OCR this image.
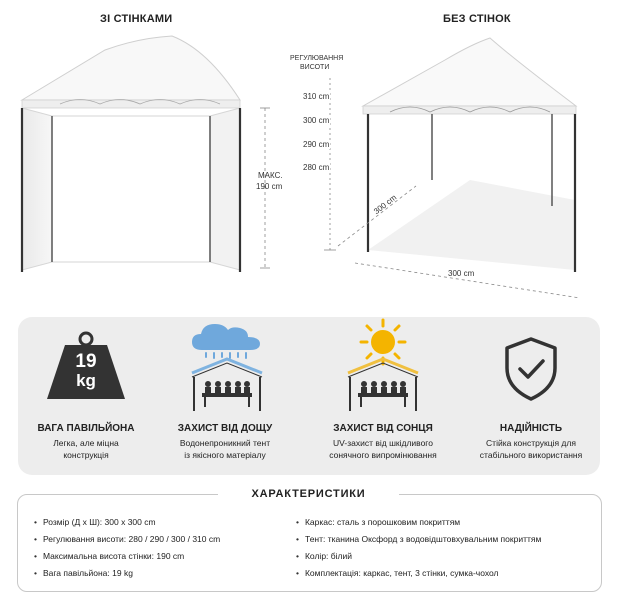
ЗІ СТІНКАМИ	БЕЗ СТІНОК
МАКС.
190 cm
РЕГУЛЮВАННЯ
ВИСОТИ
310 cm
300 cm
290 cm
280 cm
300 cm
300 cm
19
kg
ВАГА ПАВІЛЬЙОНА
Легка, але міцна
конструкція
ЗАХИСТ ВІД ДОЩУ
Водонепроникний тент
із якісного матеріалу
ЗАХИСТ ВІД СОНЦЯ
UV-захист від шкідливого
сонячного випромінювання
НАДІЙНІСТЬ
Стійка конструкція для
стабільного використання
ХАРАКТЕРИСТИКИ
• Розмір (Д х Ш): 300 x 300 cm
• Регулювання висоти: 280 / 290 / 300 / 310 cm
• Максимальна висота стінки: 190 cm
• Вага павільйона: 19 kg
• Каркас: сталь з порошковим покриттям
• Тент: тканина Оксфорд з водовідштовхувальним покриттям
• Колір: білий
• Комплектація: каркас, тент, 3 стінки, сумка-чохол
